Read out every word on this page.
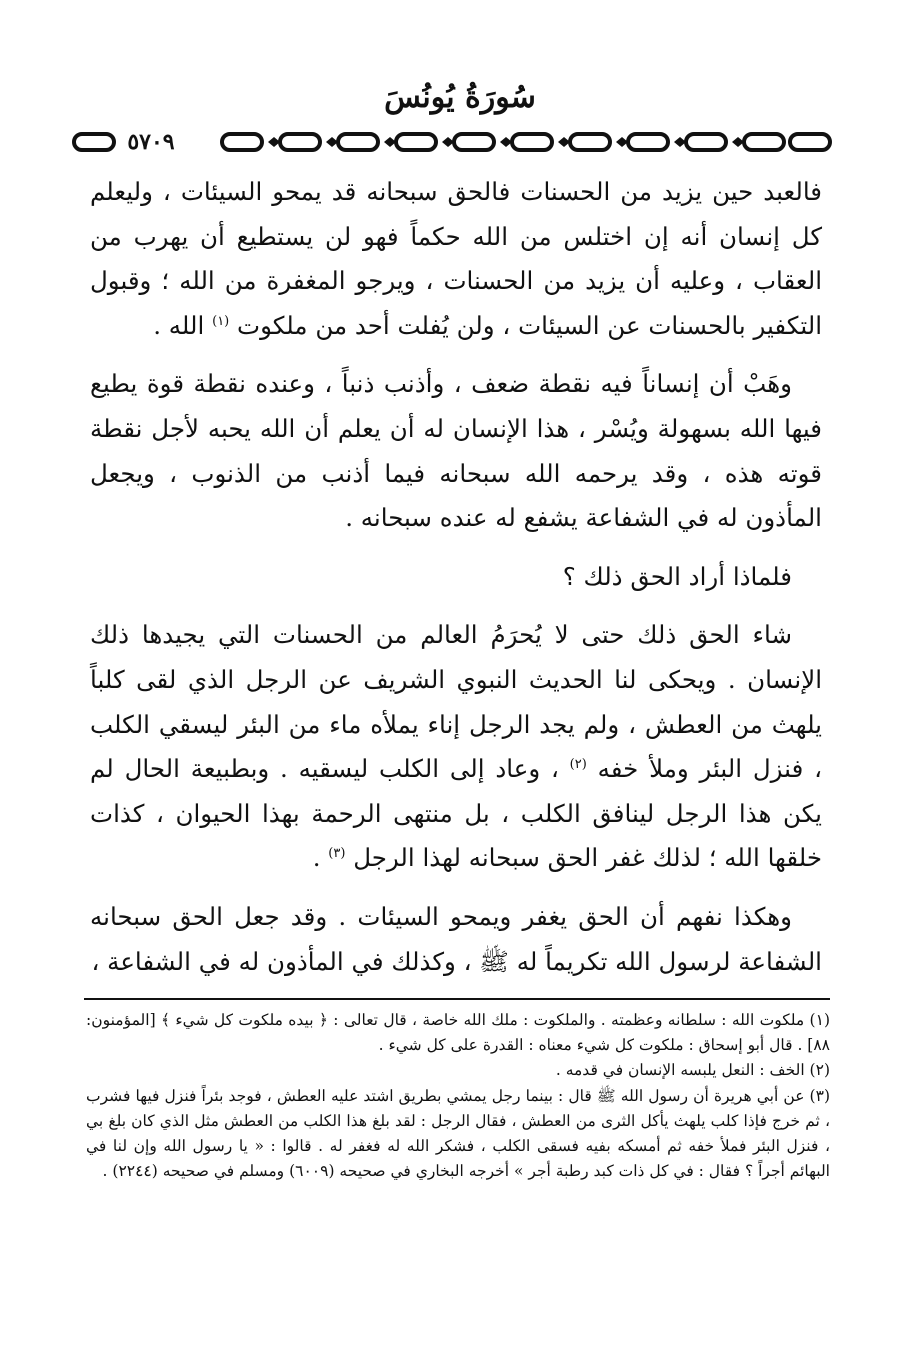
سُورَةُ يُونُسَ
٥٧٠٩

فالعبد حين يزيد من الحسنات فالحق سبحانه قد يمحو السيئات ، وليعلم كل إنسان أنه إن اختلس من الله حكماً فهو لن يستطيع أن يهرب من العقاب ، وعليه أن يزيد من الحسنات ، ويرجو المغفرة من الله ؛ وقبول التكفير بالحسنات عن السيئات ، ولن يُفلت أحد من ملكوت $^{(١)}$ الله .

وهَبْ أن إنساناً فيه نقطة ضعف ، وأذنب ذنباً ، وعنده نقطة قوة يطيع فيها الله بسهولة ويُسْر ، هذا الإنسان له أن يعلم أن الله يحبه لأجل نقطة قوته هذه ، وقد يرحمه الله سبحانه فيما أذنب من الذنوب ، ويجعل المأذون له في الشفاعة يشفع له عنده سبحانه .

فلماذا أراد الحق ذلك ؟

شاء الحق ذلك حتى لا يُحرَمُ العالم من الحسنات التي يجيدها ذلك الإنسان . ويحكى لنا الحديث النبوي الشريف عن الرجل الذي لقى كلباً يلهث من العطش ، ولم يجد الرجل إناء يملأه ماء من البئر ليسقي الكلب ، فنزل البئر وملأ خفه $^{(٢)}$ ، وعاد إلى الكلب ليسقيه . وبطبيعة الحال لم يكن هذا الرجل لينافق الكلب ، بل منتهى الرحمة بهذا الحيوان ، كذات خلقها الله ؛ لذلك غفر الحق سبحانه لهذا الرجل $^{(٣)}$ .

وهكذا نفهم أن الحق يغفر ويمحو السيئات . وقد جعل الحق سبحانه الشفاعة لرسول الله تكريماً له ﷺ ، وكذلك في المأذون له في الشفاعة ،

(١) ملكوت الله : سلطانه وعظمته . والملكوت : ملك الله خاصة ، قال تعالى : ﴿ بيده ملكوت كل شيء ﴾ [المؤمنون: ٨٨] . قال أبو إسحاق : ملكوت كل شيء معناه : القدرة على كل شيء .

(٢) الخف : النعل يلبسه الإنسان في قدمه .

(٣) عن أبي هريرة أن رسول الله ﷺ قال : بينما رجل يمشي بطريق اشتد عليه العطش ، فوجد بئراً فنزل فيها فشرب ، ثم خرج فإذا كلب يلهث يأكل الثرى من العطش ، فقال الرجل : لقد بلغ هذا الكلب من العطش مثل الذي كان بلغ بي ، فنزل البئر فملأ خفه ثم أمسكه بفيه فسقى الكلب ، فشكر الله له فغفر له . قالوا : « يا رسول الله وإن لنا في البهائم أجراً ؟ فقال : في كل ذات كبد رطبة أجر » أخرجه البخاري في صحيحه (٦٠٠٩) ومسلم في صحيحه (٢٢٤٤) .
